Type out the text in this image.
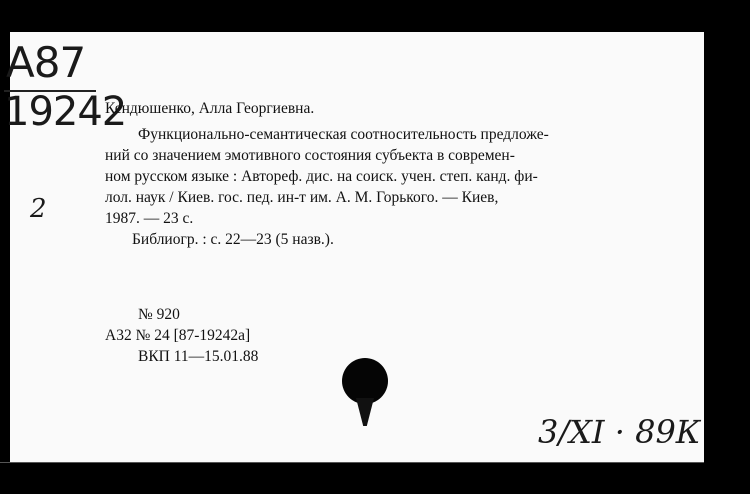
А87
19242
2
Кендюшенко, Алла Георгиевна.
Функционально-семантическая соотносительность предложе-
ний со значением эмотивного состояния субъекта в современ-
ном русском языке : Автореф. дис. на соиск. учен. степ. канд. фи-
лол. наук / Киев. гос. пед. ин-т им. А. М. Горького. — Киев,
1987. — 23 с.
Библиогр. : с. 22—23 (5 назв.).
№ 920
А32 № 24 [87-19242а]
ВКП 11—15.01.88
3/XI · 89К
